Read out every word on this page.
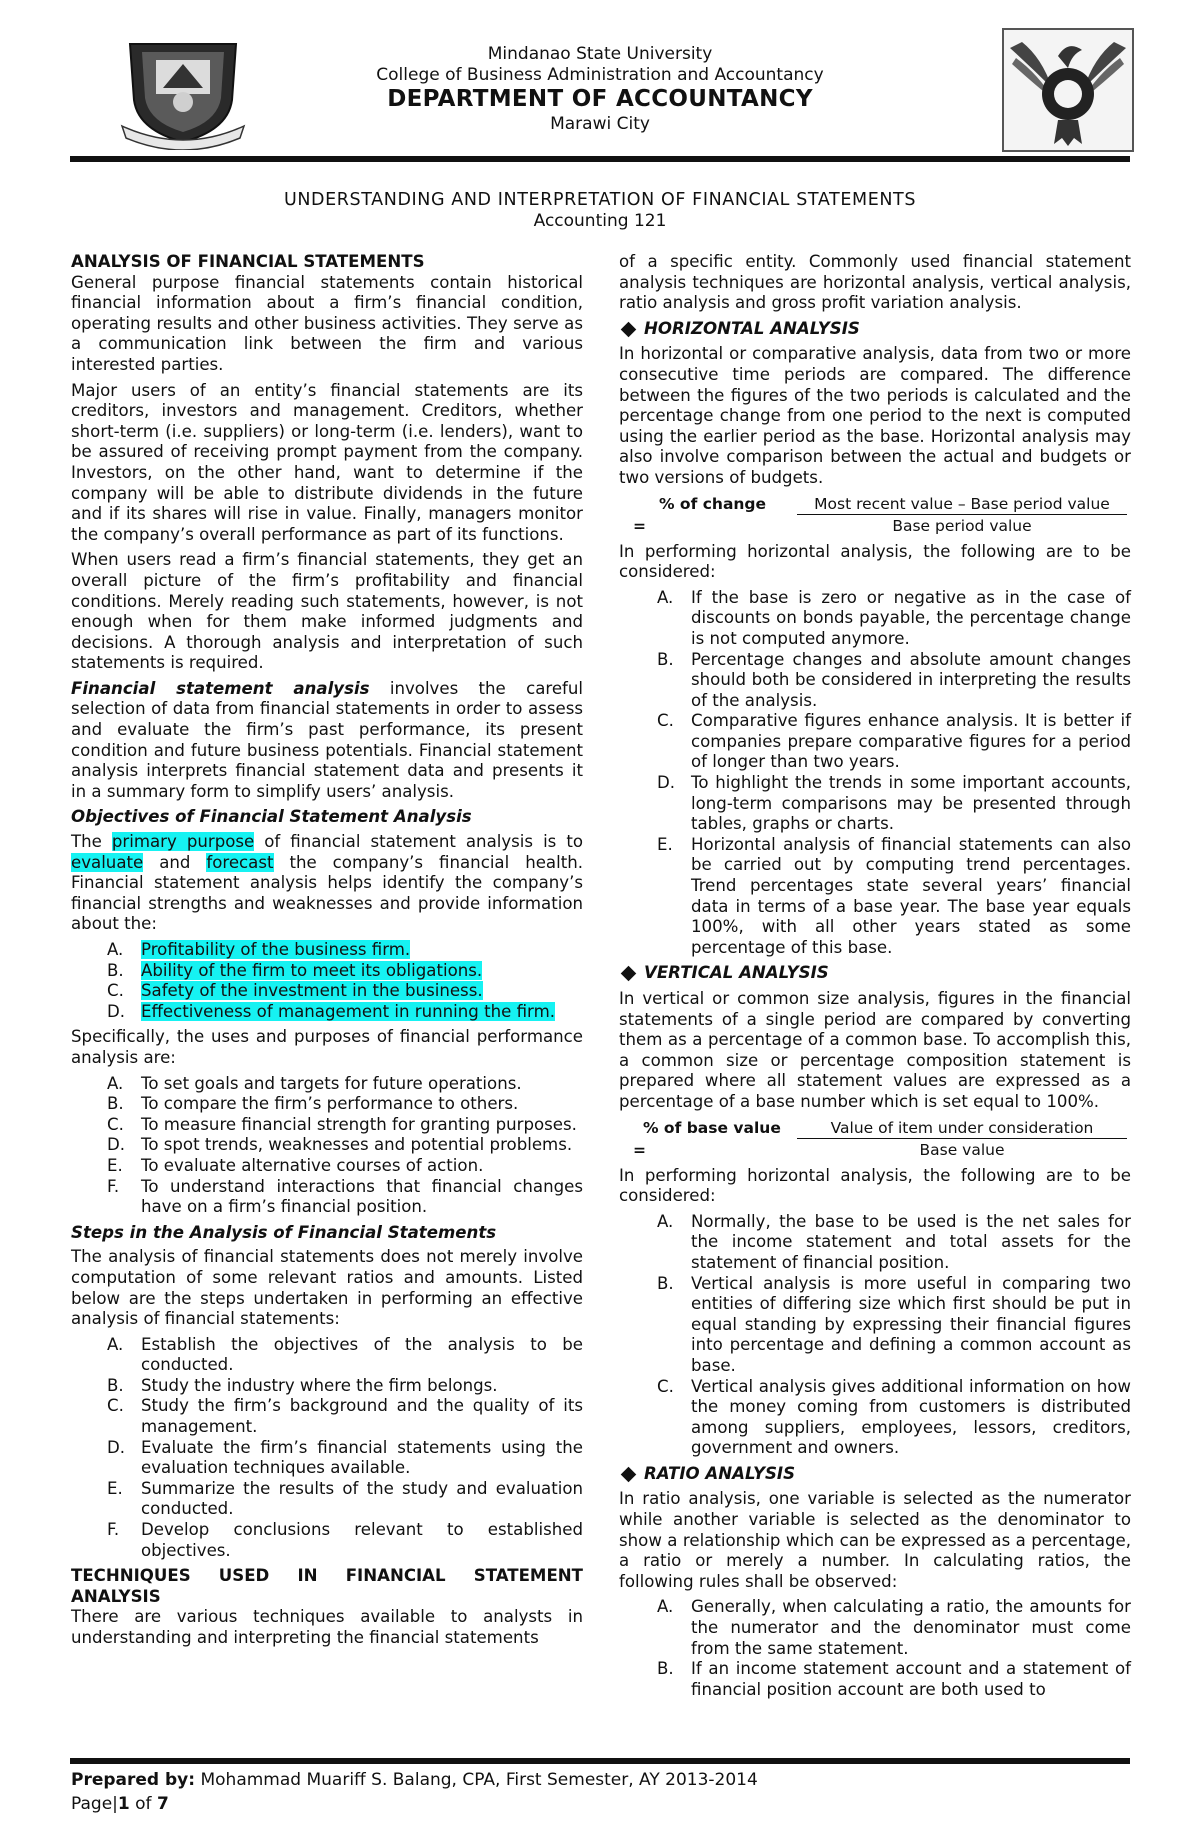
Mindanao State University
College of Business Administration and Accountancy
DEPARTMENT OF ACCOUNTANCY
Marawi City
UNDERSTANDING AND INTERPRETATION OF FINANCIAL STATEMENTS
Accounting 121
ANALYSIS OF FINANCIAL STATEMENTS

General purpose financial statements contain historical financial information about a firm’s financial condition, operating results and other business activities. They serve as a communication link between the firm and various interested parties.

Major users of an entity’s financial statements are its creditors, investors and management. Creditors, whether short-term (i.e. suppliers) or long-term (i.e. lenders), want to be assured of receiving prompt payment from the company. Investors, on the other hand, want to determine if the company will be able to distribute dividends in the future and if its shares will rise in value. Finally, managers monitor the company’s overall performance as part of its functions.

When users read a firm’s financial statements, they get an overall picture of the firm’s profitability and financial conditions. Merely reading such statements, however, is not enough when for them make informed judgments and decisions. A thorough analysis and interpretation of such statements is required.

Financial statement analysis involves the careful selection of data from financial statements in order to assess and evaluate the firm’s past performance, its present condition and future business potentials. Financial statement analysis interprets financial statement data and presents it in a summary form to simplify users’ analysis.

Objectives of Financial Statement Analysis

The primary purpose of financial statement analysis is to evaluate and forecast the company’s financial health. Financial statement analysis helps identify the company’s financial strengths and weaknesses and provide information about the:

A. Profitability of the business firm.
B. Ability of the firm to meet its obligations.
C. Safety of the investment in the business.
D. Effectiveness of management in running the firm.

Specifically, the uses and purposes of financial performance analysis are:

A. To set goals and targets for future operations.
B. To compare the firm’s performance to others.
C. To measure financial strength for granting purposes.
D. To spot trends, weaknesses and potential problems.
E. To evaluate alternative courses of action.
F. To understand interactions that financial changes have on a firm’s financial position.
Steps in the Analysis of Financial Statements

The analysis of financial statements does not merely involve computation of some relevant ratios and amounts. Listed below are the steps undertaken in performing an effective analysis of financial statements:

A. Establish the objectives of the analysis to be conducted.
B. Study the industry where the firm belongs.
C. Study the firm’s background and the quality of its management.
D. Evaluate the firm’s financial statements using the evaluation techniques available.
E. Summarize the results of the study and evaluation conducted.
F. Develop conclusions relevant to established objectives.
TECHNIQUES USED IN FINANCIAL STATEMENT ANALYSIS

There are various techniques available to analysts in understanding and interpreting the financial statements

of a specific entity. Commonly used financial statement analysis techniques are horizontal analysis, vertical analysis, ratio analysis and gross profit variation analysis.

HORIZONTAL ANALYSIS

In horizontal or comparative analysis, data from two or more consecutive time periods are compared. The difference between the figures of the two periods is calculated and the percentage change from one period to the next is computed using the earlier period as the base. Horizontal analysis may also involve comparison between the actual and budgets or two versions of budgets.

% of change
=
Most recent value – Base period value
Base period value

In performing horizontal analysis, the following are to be considered:

A. If the base is zero or negative as in the case of discounts on bonds payable, the percentage change is not computed anymore.
B. Percentage changes and absolute amount changes should both be considered in interpreting the results of the analysis.
C. Comparative figures enhance analysis. It is better if companies prepare comparative figures for a period of longer than two years.
D. To highlight the trends in some important accounts, long-term comparisons may be presented through tables, graphs or charts.
E. Horizontal analysis of financial statements can also be carried out by computing trend percentages. Trend percentages state several years’ financial data in terms of a base year. The base year equals 100%, with all other years stated as some percentage of this base.
VERTICAL ANALYSIS

In vertical or common size analysis, figures in the financial statements of a single period are compared by converting them as a percentage of a common base. To accomplish this, a common size or percentage composition statement is prepared where all statement values are expressed as a percentage of a base number which is set equal to 100%.

% of base value
=
Value of item under consideration
Base value

In performing horizontal analysis, the following are to be considered:

A. Normally, the base to be used is the net sales for the income statement and total assets for the statement of financial position.
B. Vertical analysis is more useful in comparing two entities of differing size which first should be put in equal standing by expressing their financial figures into percentage and defining a common account as base.
C. Vertical analysis gives additional information on how the money coming from customers is distributed among suppliers, employees, lessors, creditors, government and owners.
RATIO ANALYSIS

In ratio analysis, one variable is selected as the numerator while another variable is selected as the denominator to show a relationship which can be expressed as a percentage, a ratio or merely a number. In calculating ratios, the following rules shall be observed:

A. Generally, when calculating a ratio, the amounts for the numerator and the denominator must come from the same statement.
B. If an income statement account and a statement of financial position account are both used to
Prepared by: Mohammad Muariff S. Balang, CPA, First Semester, AY 2013-2014
Page|1 of 7
